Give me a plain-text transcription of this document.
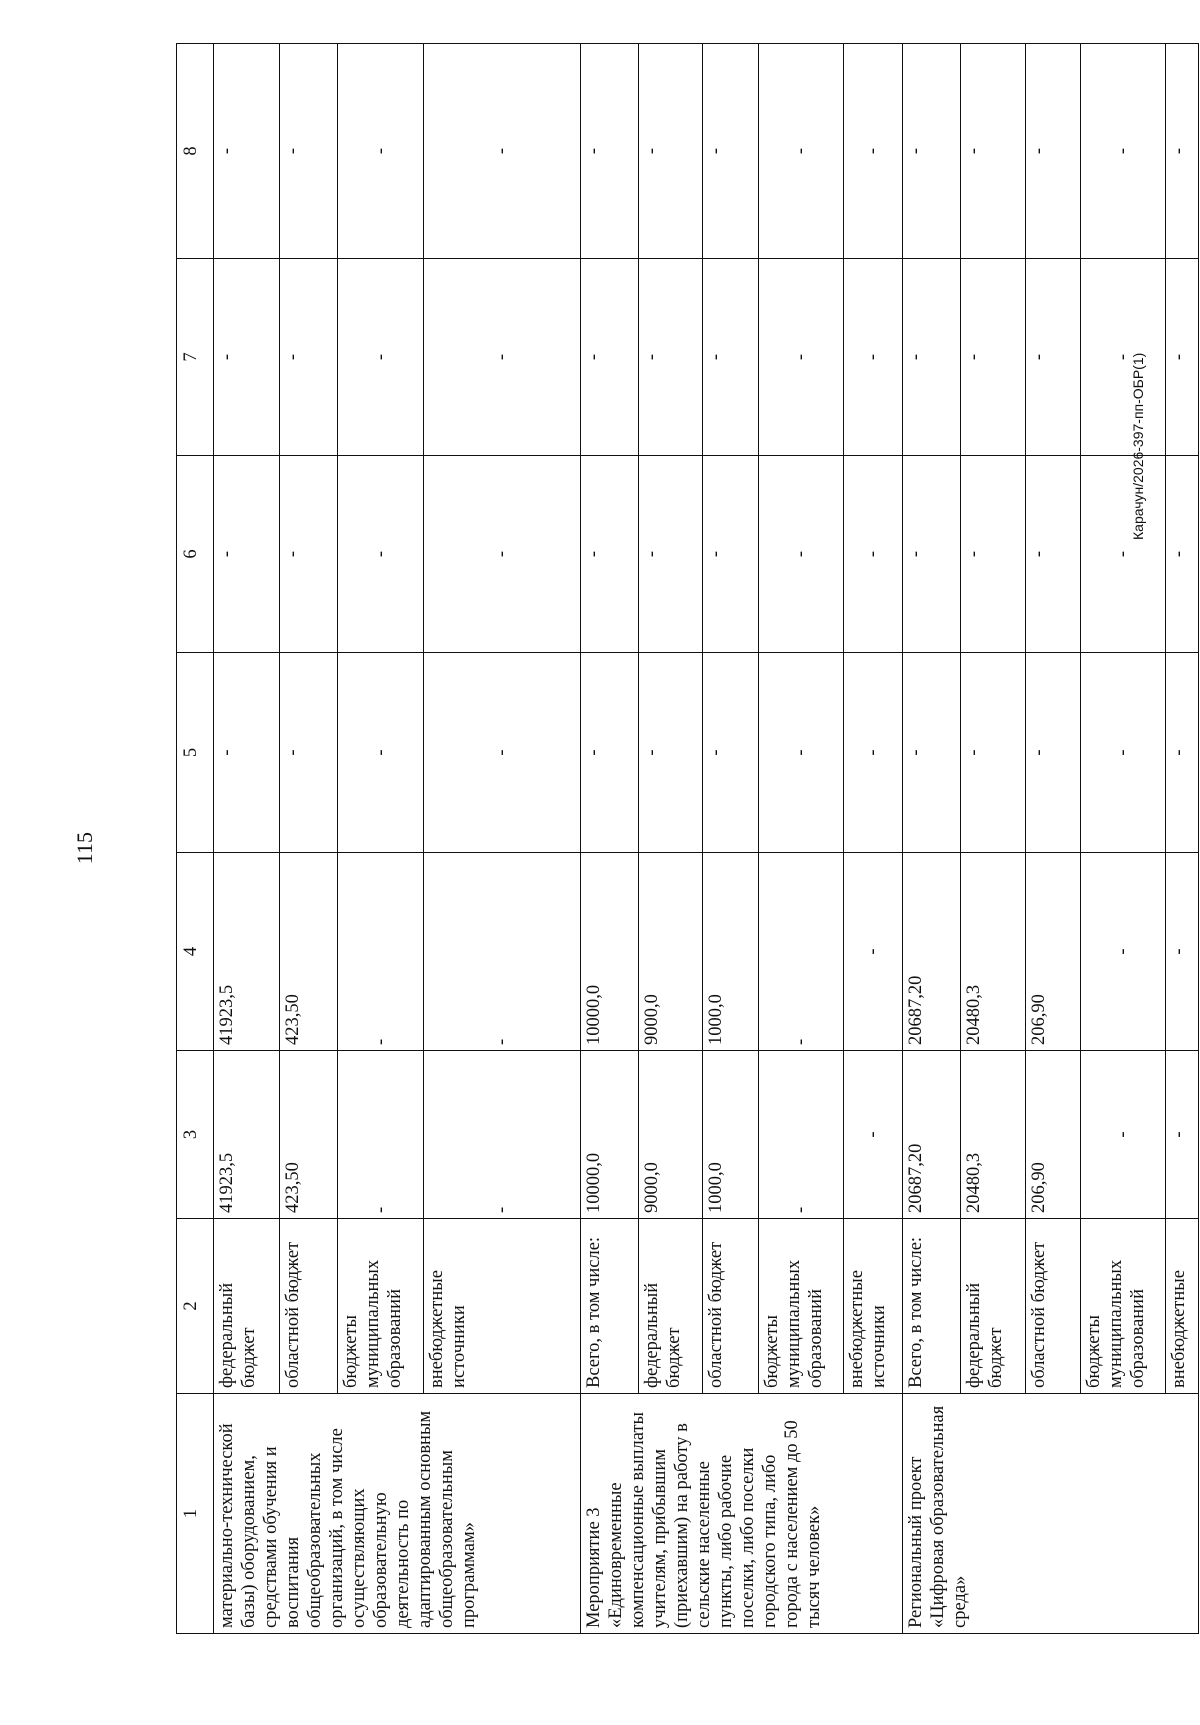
115
1	2	3	4	5	6	7	8
материально-технической базы) оборудованием, средствами обучения и воспитания общеобразовательных организаций, в том числе осуществляющих образовательную деятельность по адаптированным основным общеобразовательным программам»	федеральный бюджет	41923,5	41923,5	-	-	-	-
	областной бюджет	423,50	423,50	-	-	-	-
	бюджеты муниципальных образований	-	-	-	-	-	-
	внебюджетные источники	-	-	-	-	-	-
Мероприятие 3 «Единовременные компенсационные выплаты учителям, прибывшим (приехавшим) на работу в сельские населенные пункты, либо рабочие поселки, либо поселки городского типа, либо города с населением до 50 тысяч человек»	Всего, в том числе:	10000,0	10000,0	-	-	-	-
	федеральный бюджет	9000,0	9000,0	-	-	-	-
	областной бюджет	1000,0	1000,0	-	-	-	-
	бюджеты муниципальных образований	-	-	-	-	-	-
	внебюджетные источники	-	-	-	-	-	-
Региональный проект «Цифровая образовательная среда»	Всего, в том числе:	20687,20	20687,20	-	-	-	-
	федеральный бюджет	20480,3	20480,3	-	-	-	-
	областной бюджет	206,90	206,90	-	-	-	-
	бюджеты муниципальных образований	-	-	-	-	-	-
	внебюджетные	-	-	-	-	-	-
Карачун/2026-397-пп-ОБР(1)
